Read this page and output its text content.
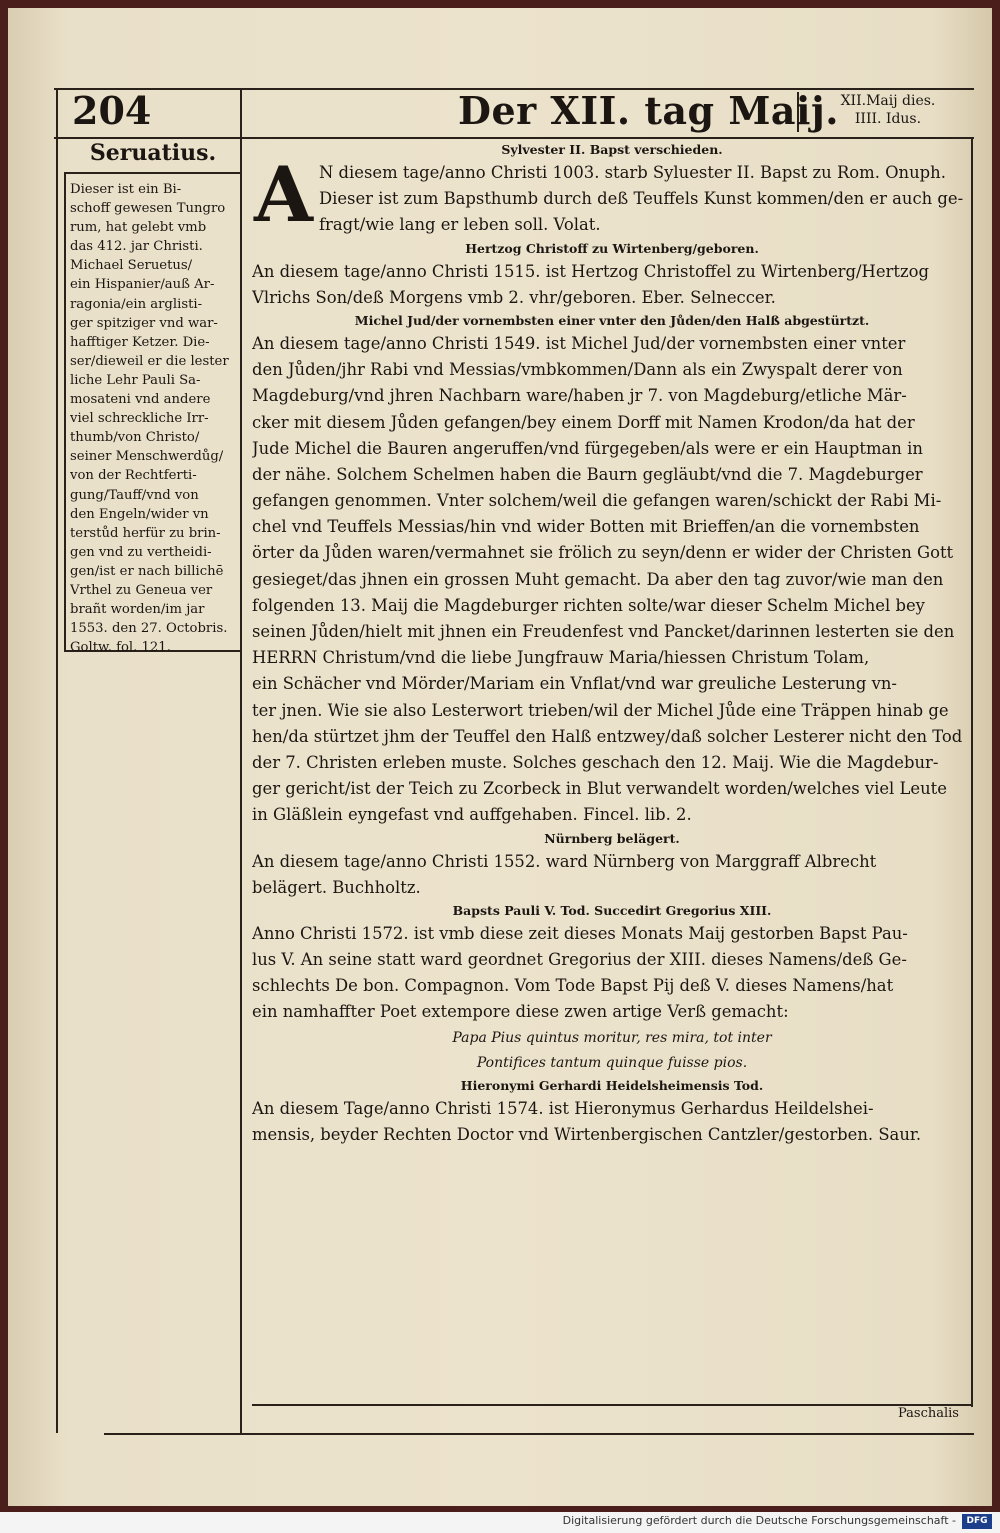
204	Der XII. tag Maij. XII.Maij dies.
IIII. Idus.
Seruatius.
Dieser ist ein Bi-
schoff gewesen Tungro
rum, hat gelebt vmb
das 412. jar Christi.
Michael Seruetus/
ein Hispanier/auß Ar-
ragonia/ein arglisti-
ger spitziger vnd war-
hafftiger Ketzer. Die-
ser/dieweil er die lester
liche Lehr Pauli Sa-
mosateni vnd andere
viel schreckliche Irr-
thumb/von Christo/
seiner Menschwerdůg/
von der Rechtferti-
gung/Tauff/vnd von
den Engeln/wider vn
terstůd herfür zu brin-
gen vnd zu vertheidi-
gen/ist er nach billichē
Vrthel zu Geneua ver
brañt worden/im jar
1553. den 27. Octobris.
Goltw. fol. 121.
Sylvester II. Bapst verschieden.
A N diesem tage/anno Christi 1003. starb Syluester II. Bapst zu Rom. Onuph.
Dieser ist zum Bapsthumb durch deß Teuffels Kunst kommen/den er auch ge-
fragt/wie lang er leben soll. Volat.
Hertzog Christoff zu Wirtenberg/geboren.
An diesem tage/anno Christi 1515. ist Hertzog Christoffel zu Wirtenberg/Hertzog
Vlrichs Son/deß Morgens vmb 2. vhr/geboren. Eber. Selneccer.
Michel Jud/der vornembsten einer vnter den Jůden/den Halß abgestürtzt.
An diesem tage/anno Christi 1549. ist Michel Jud/der vornembsten einer vnter
den Jůden/jhr Rabi vnd Messias/vmbkommen/Dann als ein Zwyspalt derer von
Magdeburg/vnd jhren Nachbarn ware/haben jr 7. von Magdeburg/etliche Mär-
cker mit diesem Jůden gefangen/bey einem Dorff mit Namen Krodon/da hat der
Jude Michel die Bauren angeruffen/vnd fürgegeben/als were er ein Hauptman in
der nähe. Solchem Schelmen haben die Baurn gegläubt/vnd die 7. Magdeburger
gefangen genommen. Vnter solchem/weil die gefangen waren/schickt der Rabi Mi-
chel vnd Teuffels Messias/hin vnd wider Botten mit Brieffen/an die vornembsten
örter da Jůden waren/vermahnet sie frölich zu seyn/denn er wider der Christen Gott
gesieget/das jhnen ein grossen Muht gemacht. Da aber den tag zuvor/wie man den
folgenden 13. Maij die Magdeburger richten solte/war dieser Schelm Michel bey
seinen Jůden/hielt mit jhnen ein Freudenfest vnd Pancket/darinnen lesterten sie den
HERRN Christum/vnd die liebe Jungfrauw Maria/hiessen Christum Tolam,
ein Schächer vnd Mörder/Mariam ein Vnflat/vnd war greuliche Lesterung vn-
ter jnen. Wie sie also Lesterwort trieben/wil der Michel Jůde eine Träppen hinab ge
hen/da stürtzet jhm der Teuffel den Halß entzwey/daß solcher Lesterer nicht den Tod
der 7. Christen erleben muste. Solches geschach den 12. Maij. Wie die Magdebur-
ger gericht/ist der Teich zu Zcorbeck in Blut verwandelt worden/welches viel Leute
in Gläßlein eyngefast vnd auffgehaben. Fincel. lib. 2.
Nürnberg belägert.
An diesem tage/anno Christi 1552. ward Nürnberg von Marggraff Albrecht
belägert. Buchholtz.
Bapsts Pauli V. Tod. Succedirt Gregorius XIII.
Anno Christi 1572. ist vmb diese zeit dieses Monats Maij gestorben Bapst Pau-
lus V. An seine statt ward geordnet Gregorius der XIII. dieses Namens/deß Ge-
schlechts De bon. Compagnon. Vom Tode Bapst Pij deß V. dieses Namens/hat
ein namhaffter Poet extempore diese zwen artige Verß gemacht:
Papa Pius quintus moritur, res mira, tot inter
Pontifices tantum quinque fuisse pios.
Hieronymi Gerhardi Heidelsheimensis Tod.
An diesem Tage/anno Christi 1574. ist Hieronymus Gerhardus Heildelshei-
mensis, beyder Rechten Doctor vnd Wirtenbergischen Cantzler/gestorben. Saur.
Paschalis
Digitalisierung gefördert durch die Deutsche Forschungsgemeinschaft -	DFG
